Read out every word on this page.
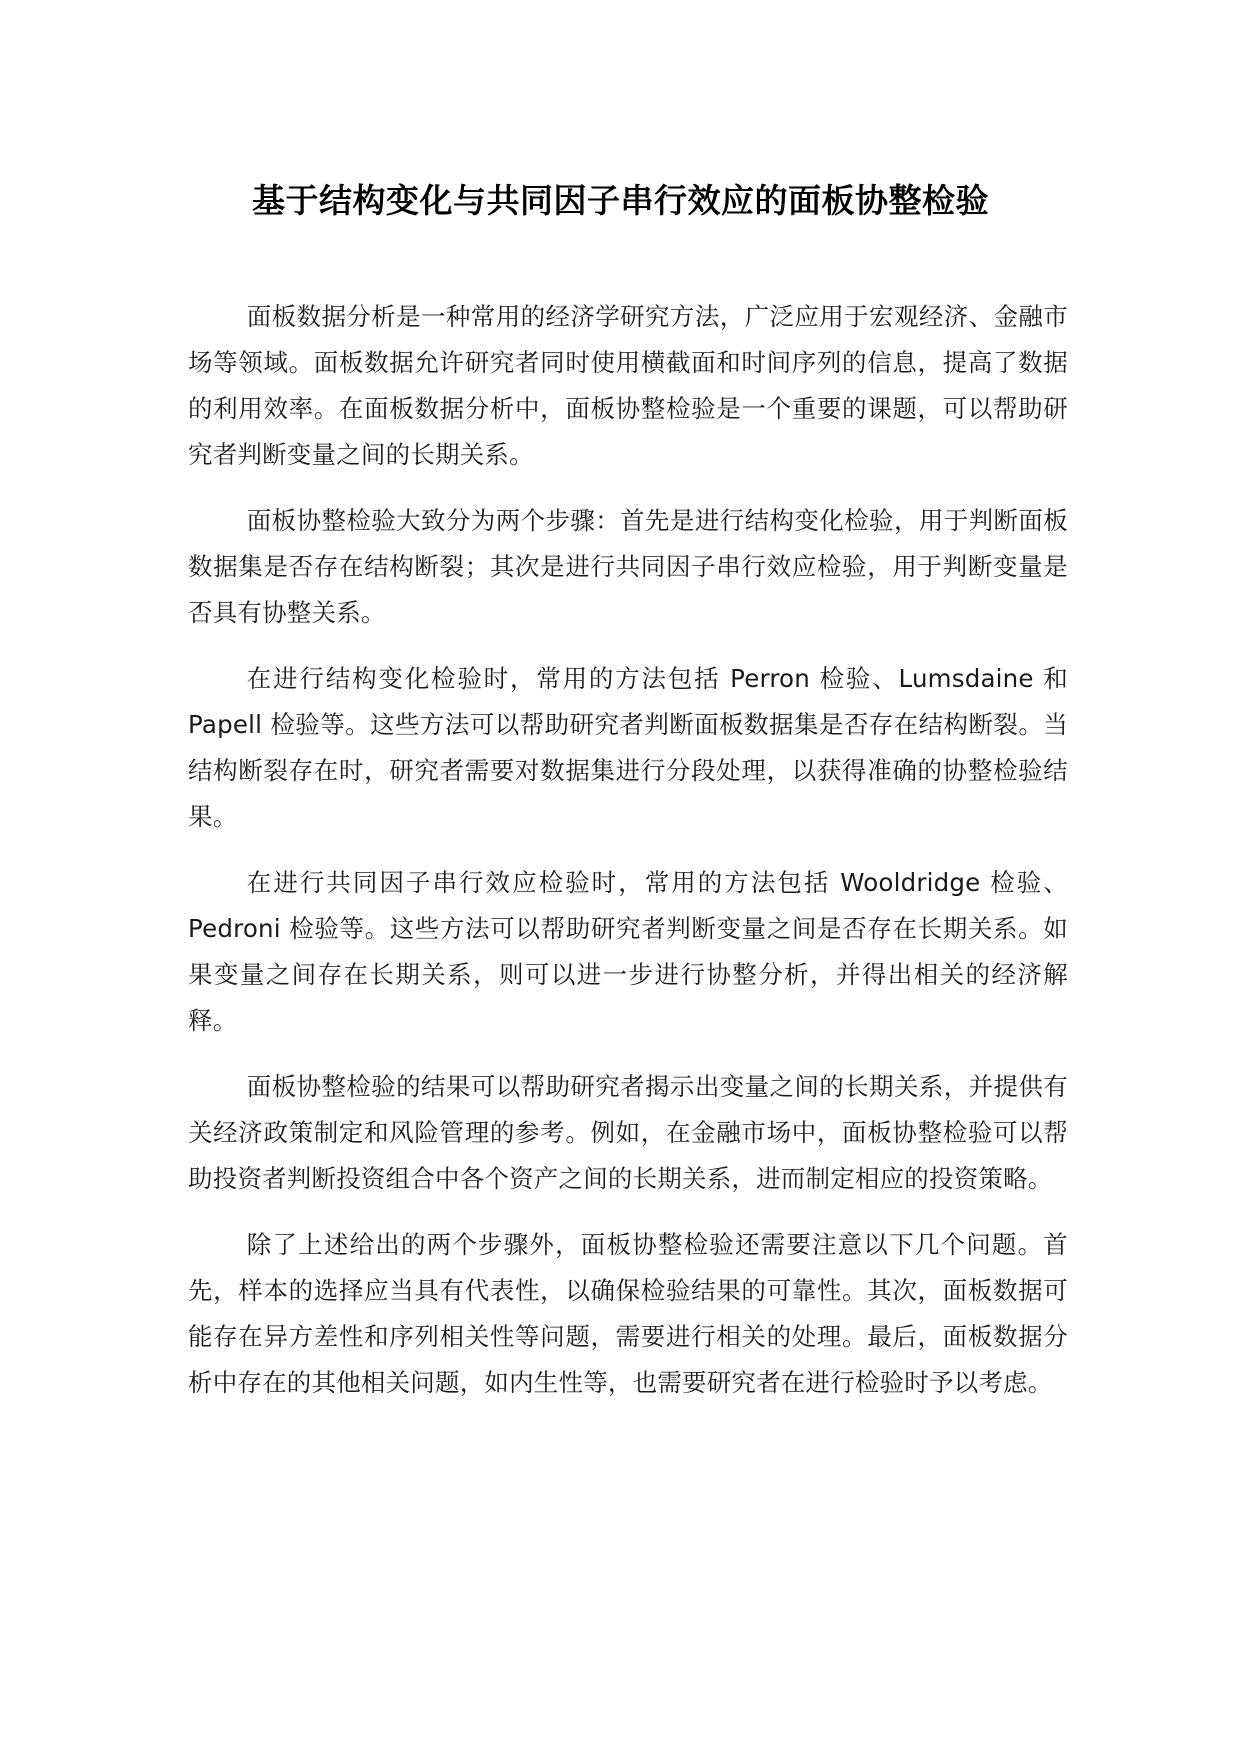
基于结构变化与共同因子串行效应的面板协整检验

面板数据分析是一种常用的经济学研究方法，广泛应用于宏观经济、金融市场等领域。面板数据允许研究者同时使用横截面和时间序列的信息，提高了数据的利用效率。在面板数据分析中，面板协整检验是一个重要的课题，可以帮助研究者判断变量之间的长期关系。

面板协整检验大致分为两个步骤：首先是进行结构变化检验，用于判断面板数据集是否存在结构断裂；其次是进行共同因子串行效应检验，用于判断变量是否具有协整关系。

在进行结构变化检验时，常用的方法包括 Perron 检验、Lumsdaine 和 Papell 检验等。这些方法可以帮助研究者判断面板数据集是否存在结构断裂。当结构断裂存在时，研究者需要对数据集进行分段处理，以获得准确的协整检验结果。

在进行共同因子串行效应检验时，常用的方法包括 Wooldridge 检验、Pedroni 检验等。这些方法可以帮助研究者判断变量之间是否存在长期关系。如果变量之间存在长期关系，则可以进一步进行协整分析，并得出相关的经济解释。

面板协整检验的结果可以帮助研究者揭示出变量之间的长期关系，并提供有关经济政策制定和风险管理的参考。例如，在金融市场中，面板协整检验可以帮助投资者判断投资组合中各个资产之间的长期关系，进而制定相应的投资策略。

除了上述给出的两个步骤外，面板协整检验还需要注意以下几个问题。首先，样本的选择应当具有代表性，以确保检验结果的可靠性。其次，面板数据可能存在异方差性和序列相关性等问题，需要进行相关的处理。最后，面板数据分析中存在的其他相关问题，如内生性等，也需要研究者在进行检验时予以考虑。
